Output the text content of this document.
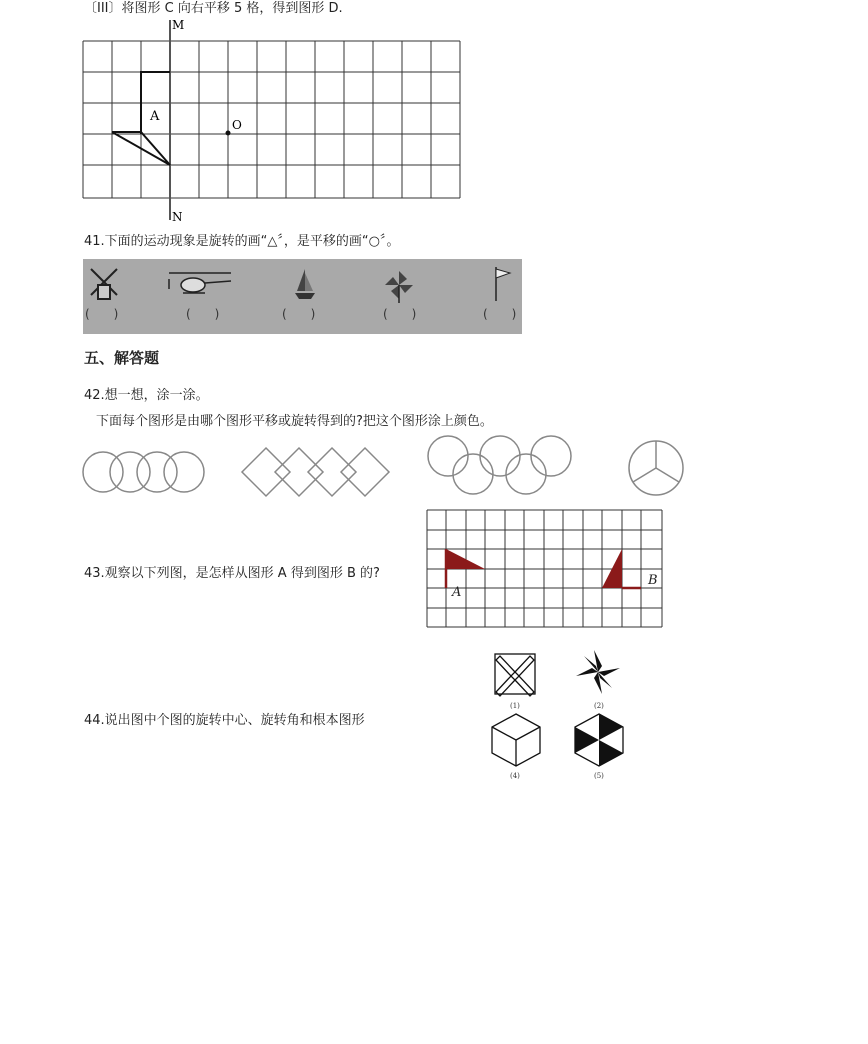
〔III〕将图形 C 向右平移 5 格，得到图形 D.
M
N
A
O
41.下面的运动现象是旋转的画“△〞，是平移的画“○〞。
(　　)	(　　)	(　　)	(　　)	(　　)
五、解答题
42.想一想，涂一涂。
下面每个图形是由哪个图形平移或旋转得到的?把这个图形涂上颜色。
43.观察以下列图，是怎样从图形 A 得到图形 B 的?
A
B
44.说出图中个图的旋转中心、旋转角和根本图形
(1)	(2)
(4)	(5)
